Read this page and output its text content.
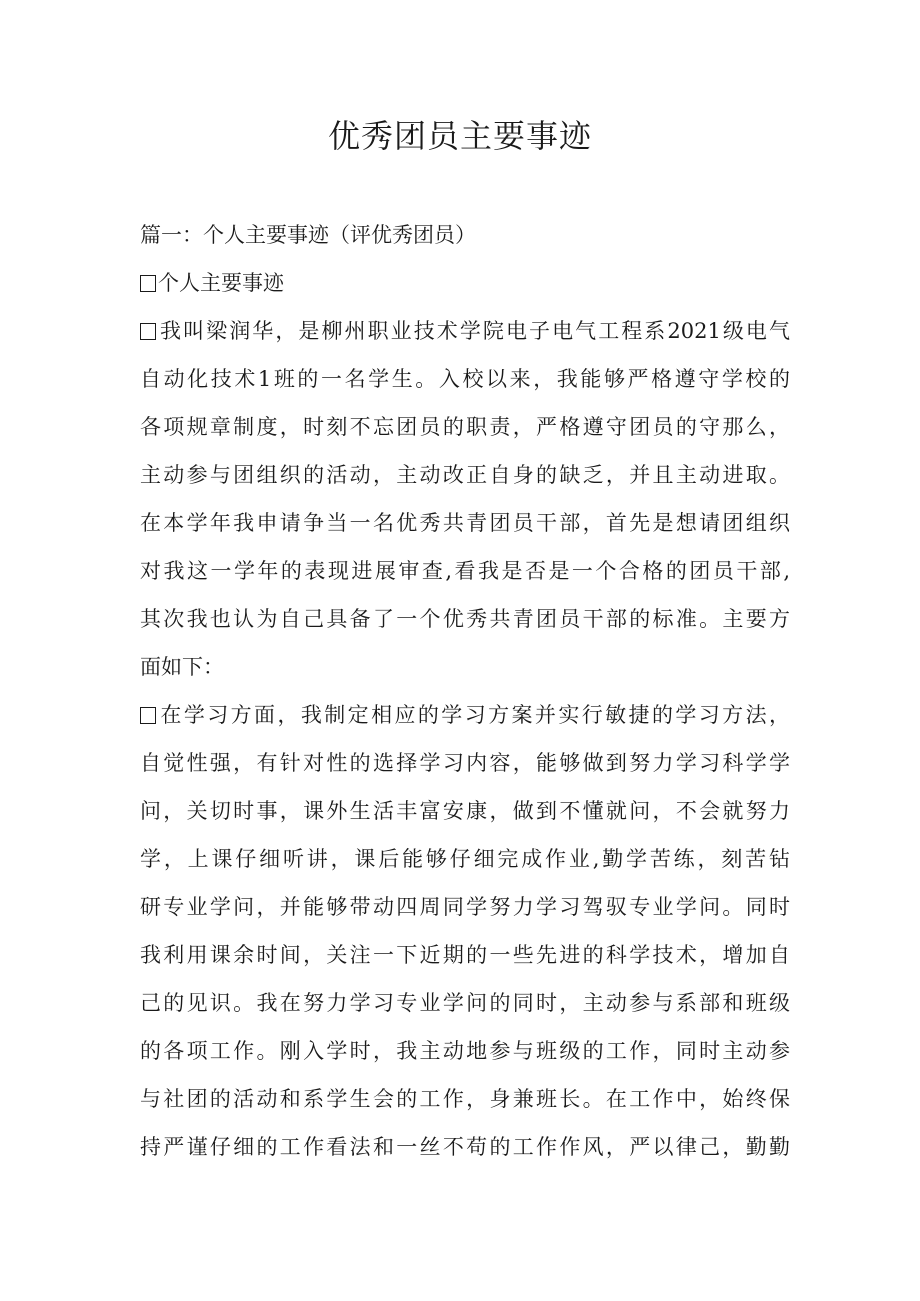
优秀团员主要事迹
篇一：个人主要事迹（评优秀团员）
个人主要事迹
我叫梁润华，是柳州职业技术学院电子电气工程系2021级电气
自动化技术1班的一名学生。入校以来，我能够严格遵守学校的
各项规章制度，时刻不忘团员的职责，严格遵守团员的守那么，
主动参与团组织的活动，主动改正自身的缺乏，并且主动进取。
在本学年我申请争当一名优秀共青团员干部，首先是想请团组织
对我这一学年的表现进展审查,看我是否是一个合格的团员干部,
其次我也认为自己具备了一个优秀共青团员干部的标准。主要方
面如下：
在学习方面，我制定相应的学习方案并实行敏捷的学习方法，
自觉性强，有针对性的选择学习内容，能够做到努力学习科学学
问，关切时事，课外生活丰富安康，做到不懂就问，不会就努力
学，上课仔细听讲，课后能够仔细完成作业,勤学苦练，刻苦钻
研专业学问，并能够带动四周同学努力学习驾驭专业学问。同时
我利用课余时间，关注一下近期的一些先进的科学技术，增加自
己的见识。我在努力学习专业学问的同时，主动参与系部和班级
的各项工作。刚入学时，我主动地参与班级的工作，同时主动参
与社团的活动和系学生会的工作，身兼班长。在工作中，始终保
持严谨仔细的工作看法和一丝不苟的工作作风，严以律己，勤勤
